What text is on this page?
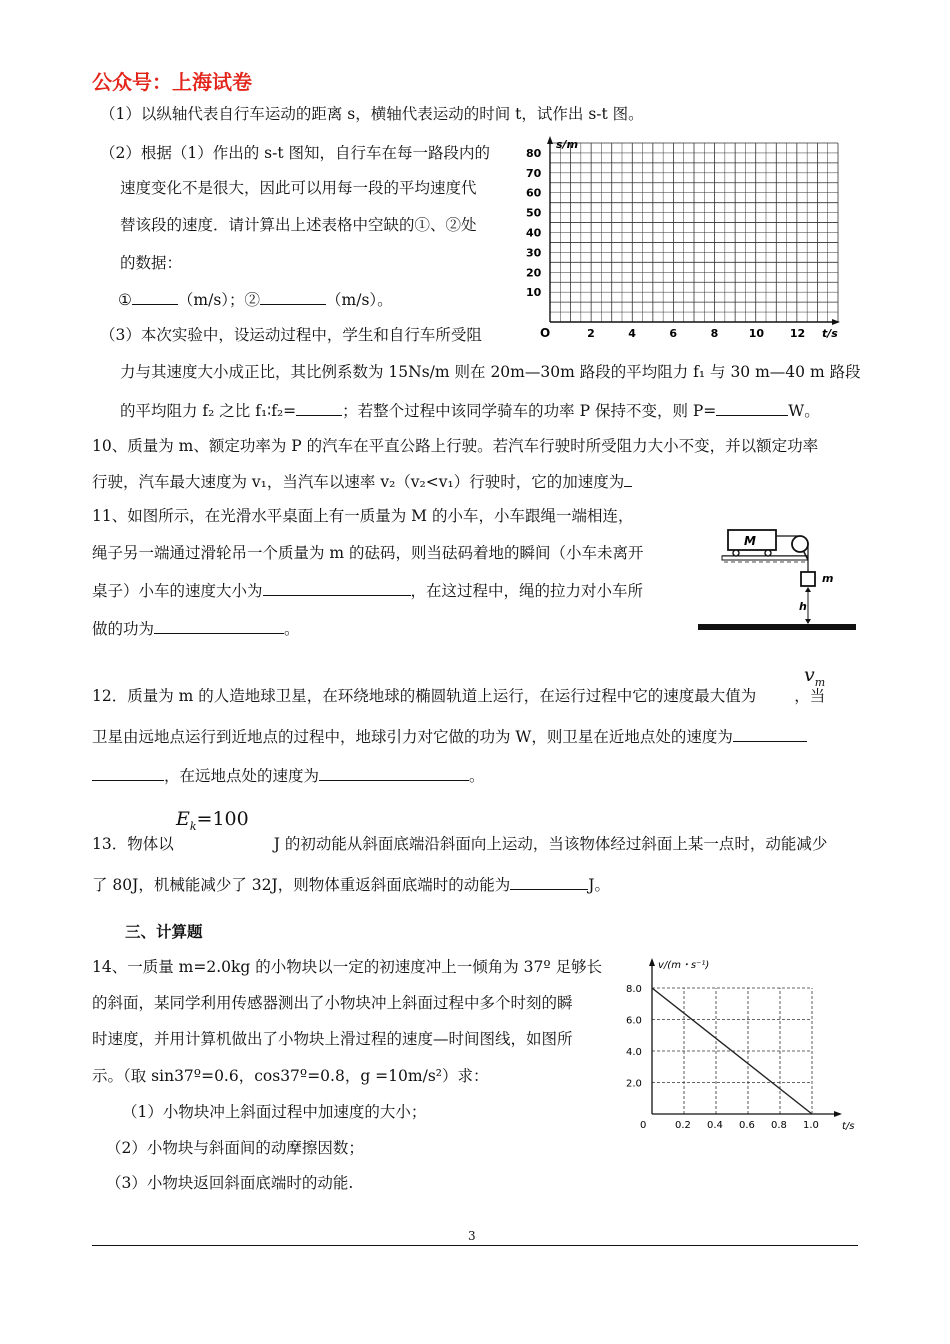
公众号：上海试卷
（1）以纵轴代表自行车运动的距离 s，横轴代表运动的时间 t，试作出 s-t 图。
（2）根据（1）作出的 s-t 图知，自行车在每一路段内的
速度变化不是很大，因此可以用每一段的平均速度代
替该段的速度．请计算出上述表格中空缺的①、②处
的数据：
①	（m/s）；②	（m/s）。
s/m
t/s
O
80
70
60
50
40
30
20
10
2	4	6	8	10 12
（3）本次实验中，设运动过程中，学生和自行车所受阻
力与其速度大小成正比，其比例系数为 15Ns/m 则在 20m—30m 路段的平均阻力 f₁ 与 30 m—40 m 路段
的平均阻力 f₂ 之比 f₁∶f₂=	；若整个过程中该同学骑车的功率 P 保持不变，则 P=	W。
10、质量为 m、额定功率为 P 的汽车在平直公路上行驶。若汽车行驶时所受阻力大小不变，并以额定功率
行驶，汽车最大速度为 v₁，当汽车以速率 v₂（v₂<v₁）行驶时，它的加速度为
11、如图所示，在光滑水平桌面上有一质量为 M 的小车，小车跟绳一端相连，
绳子另一端通过滑轮吊一个质量为 m 的砝码，则当砝码着地的瞬间（小车未离开
桌子）小车的速度大小为	，在这过程中，绳的拉力对小车所
做的功为	。
M
m
h
$v_m$
12．质量为 m 的人造地球卫星，在环绕地球的椭圆轨道上运行，在运行过程中它的速度最大值为 ，当
卫星由远地点运行到近地点的过程中，地球引力对它做的功为 W，则卫星在近地点处的速度为
，在远地点处的速度为	。
$E_k=100$
13．物体以	J 的初动能从斜面底端沿斜面向上运动，当该物体经过斜面上某一点时，动能减少
了 80J，机械能减少了 32J，则物体重返斜面底端时的动能为	J。
三、计算题
14、一质量 m=2.0kg 的小物块以一定的初速度冲上一倾角为 37º 足够长
的斜面，某同学利用传感器测出了小物块冲上斜面过程中多个时刻的瞬
时速度，并用计算机做出了小物块上滑过程的速度—时间图线，如图所
示。（取 sin37º=0.6，cos37º=0.8，g =10m/s²）求：
（1）小物块冲上斜面过程中加速度的大小；
（2）小物块与斜面间的动摩擦因数；
（3）小物块返回斜面底端时的动能.
v/(m・s⁻¹)
t/s
0
8.0
6.0
4.0
2.0
0.2 0.4 0.6 0.8 1.0
3
